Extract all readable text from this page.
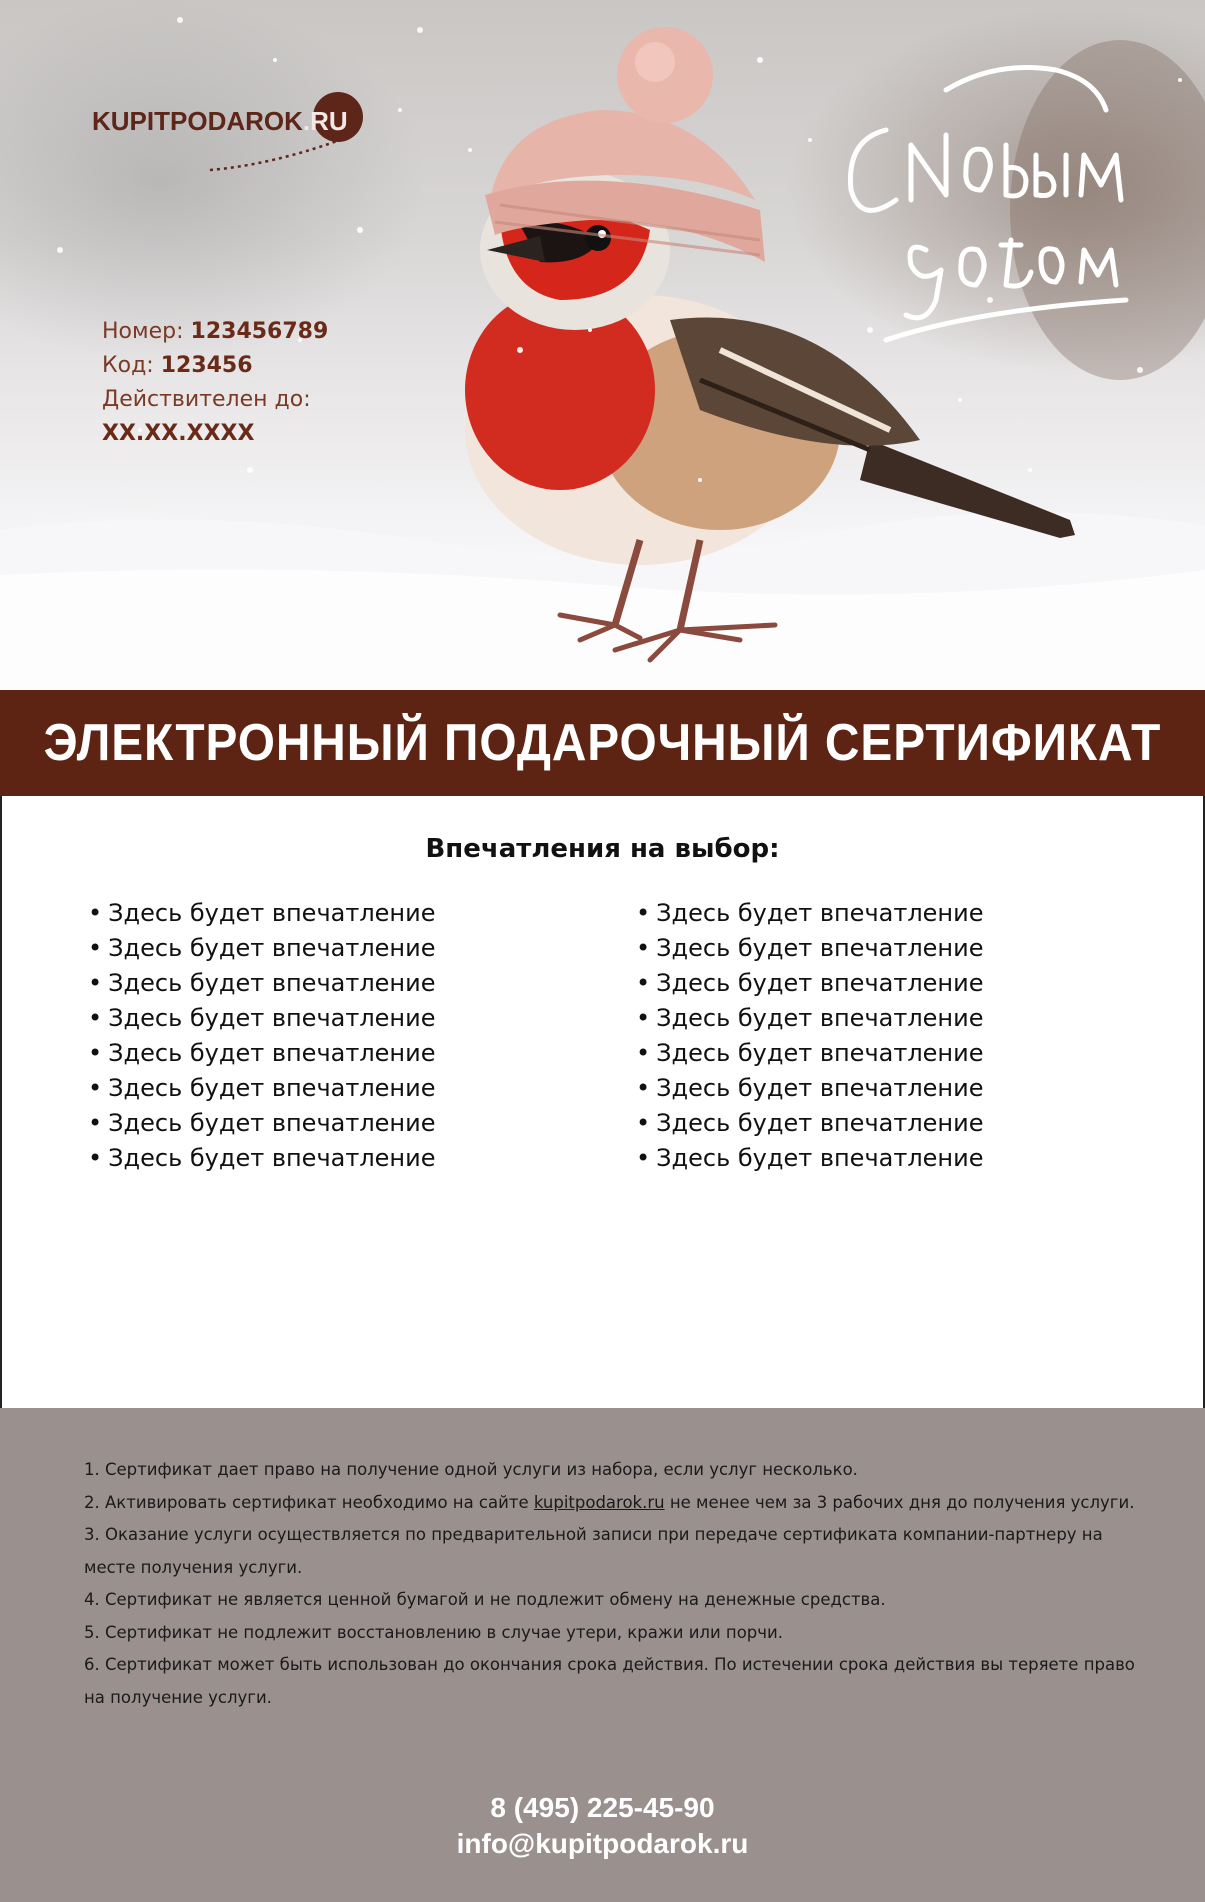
KUPITPODAROK.RU
Номер: 123456789
Код: 123456
Действителен до:
XX.XX.XXXX
С Новым годом
ЭЛЕКТРОННЫЙ ПОДАРОЧНЫЙ СЕРТИФИКАТ
Впечатления на выбор:
• Здесь будет впечатление
• Здесь будет впечатление
• Здесь будет впечатление
• Здесь будет впечатление
• Здесь будет впечатление
• Здесь будет впечатление
• Здесь будет впечатление
• Здесь будет впечатление
• Здесь будет впечатление
• Здесь будет впечатление
• Здесь будет впечатление
• Здесь будет впечатление
• Здесь будет впечатление
• Здесь будет впечатление
• Здесь будет впечатление
• Здесь будет впечатление
1. Сертификат дает право на получение одной услуги из набора, если услуг несколько.
2. Активировать сертификат необходимо на сайте kupitpodarok.ru не менее чем за 3 рабочих дня до получения услуги.
3. Оказание услуги осуществляется по предварительной записи при передаче сертификата компании-партнеру на месте получения услуги.
4. Сертификат не является ценной бумагой и не подлежит обмену на денежные средства.
5. Сертификат не подлежит восстановлению в случае утери, кражи или порчи.
6. Сертификат может быть использован до окончания срока действия. По истечении срока действия вы теряете право на получение услуги.
8 (495) 225-45-90
info@kupitpodarok.ru
